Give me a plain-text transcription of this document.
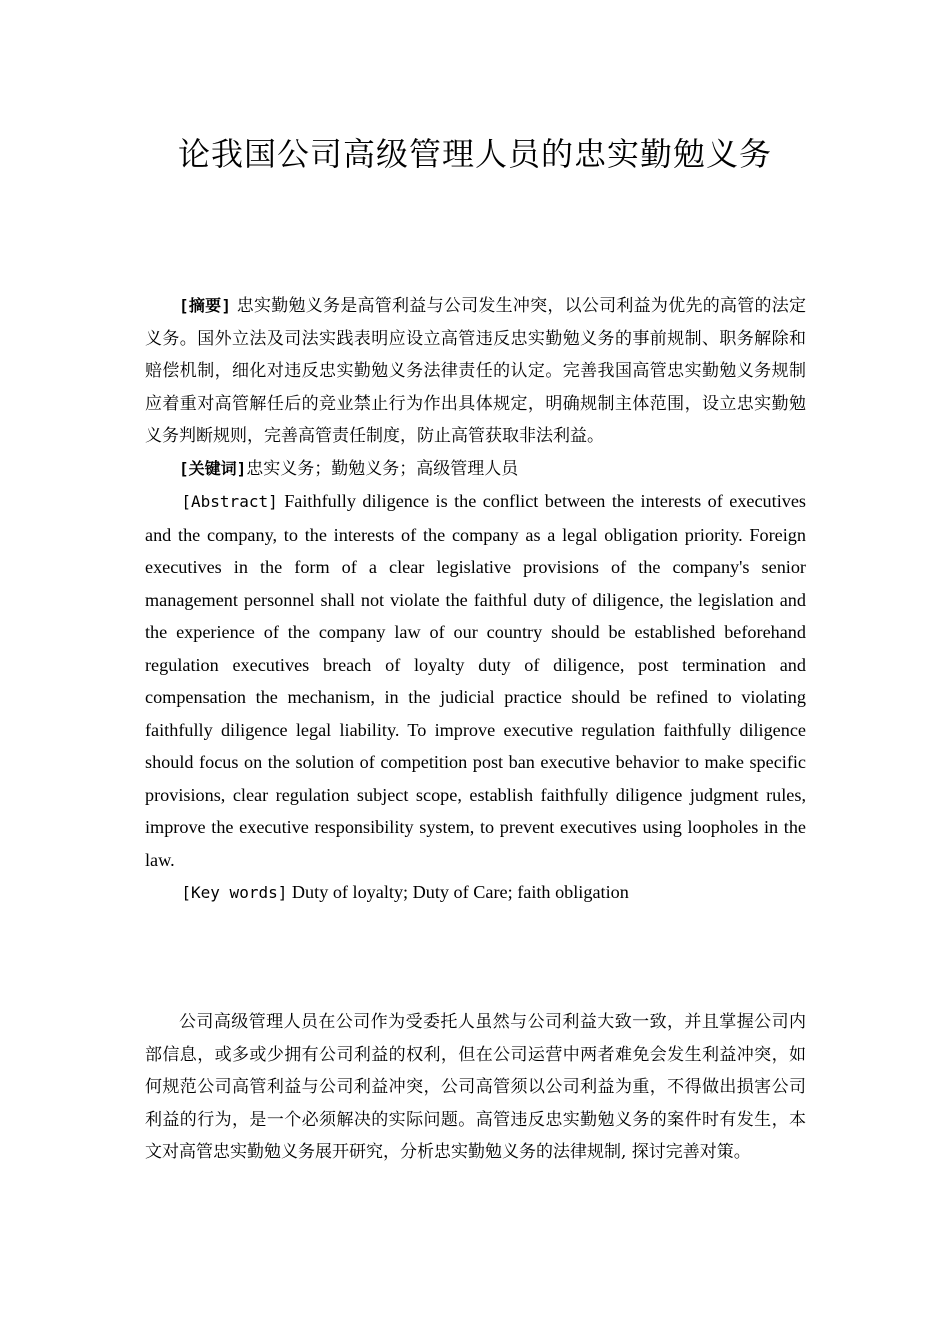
论我国公司高级管理人员的忠实勤勉义务

[摘要] 忠实勤勉义务是高管利益与公司发生冲突，以公司利益为优先的高管的法定义务。国外立法及司法实践表明应设立高管违反忠实勤勉义务的事前规制、职务解除和赔偿机制，细化对违反忠实勤勉义务法律责任的认定。完善我国高管忠实勤勉义务规制应着重对高管解任后的竞业禁止行为作出具体规定，明确规制主体范围，设立忠实勤勉义务判断规则，完善高管责任制度，防止高管获取非法利益。

[关键词]忠实义务；勤勉义务；高级管理人员

[Abstract] Faithfully diligence is the conflict between the interests of executives and the company, to the interests of the company as a legal obligation priority. Foreign executives in the form of a clear legislative provisions of the company's senior management personnel shall not violate the faithful duty of diligence, the legislation and the experience of the company law of our country should be established beforehand regulation executives breach of loyalty duty of diligence, post termination and compensation the mechanism, in the judicial practice should be refined to violating faithfully diligence legal liability. To improve executive regulation faithfully diligence should focus on the solution of competition post ban executive behavior to make specific provisions, clear regulation subject scope, establish faithfully diligence judgment rules, improve the executive responsibility system, to prevent executives using loopholes in the law.

[Key words] Duty of loyalty; Duty of Care; faith obligation

公司高级管理人员在公司作为受委托人虽然与公司利益大致一致，并且掌握公司内部信息，或多或少拥有公司利益的权利，但在公司运营中两者难免会发生利益冲突，如何规范公司高管利益与公司利益冲突，公司高管须以公司利益为重，不得做出损害公司利益的行为，是一个必须解决的实际问题。高管违反忠实勤勉义务的案件时有发生，本文对高管忠实勤勉义务展开研究，分析忠实勤勉义务的法律规制, 探讨完善对策。
